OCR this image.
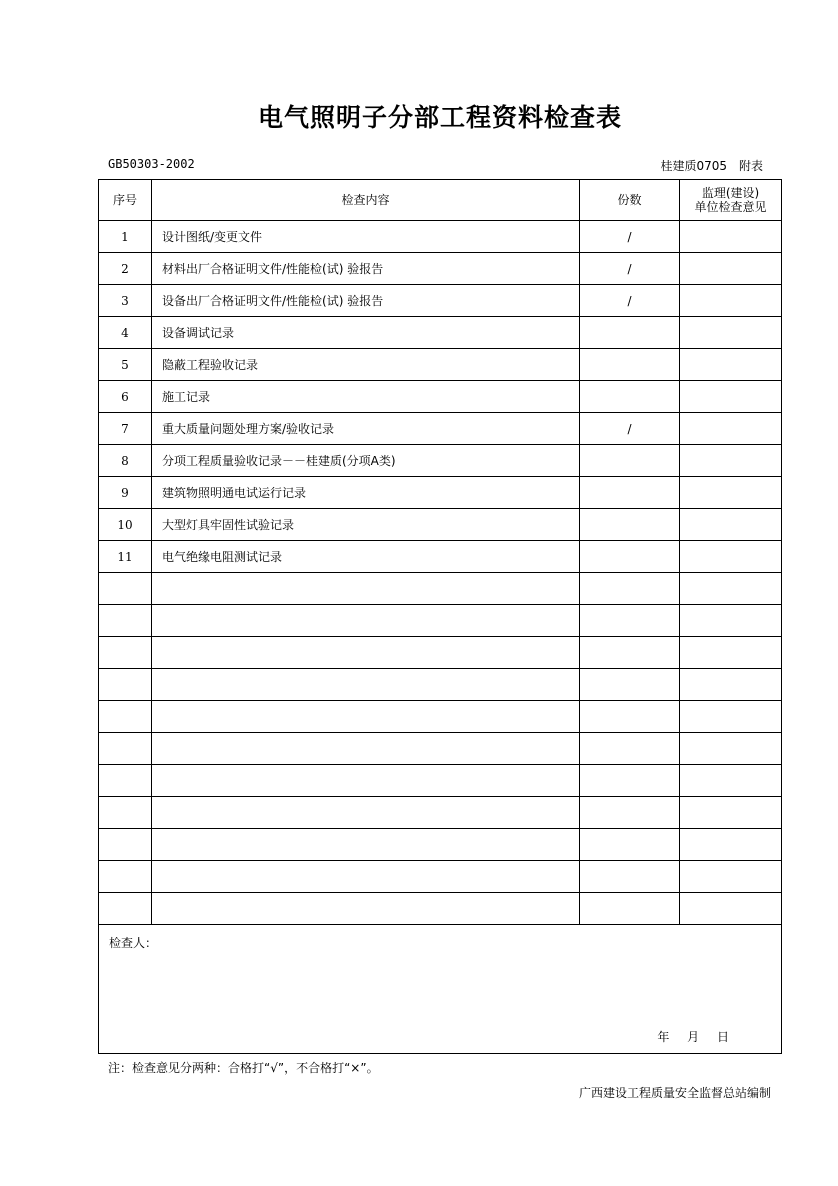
电气照明子分部工程资料检查表
GB50303-2002	桂建质0705　附表
序号	检查内容	份数	监理(建设)
单位检查意见
1	设计图纸/变更文件	/	
2	材料出厂合格证明文件/性能检(试) 验报告	/	
3	设备出厂合格证明文件/性能检(试) 验报告	/	
4	设备调试记录		
5	隐蔽工程验收记录		
6	施工记录		
7	重大质量问题处理方案/验收记录	/	
8	分项工程质量验收记录－－桂建质(分项A类)		
9	建筑物照明通电试运行记录		
10	大型灯具牢固性试验记录		
11	电气绝缘电阻测试记录		

检查人：
年 月 日			
注：检查意见分两种：合格打“√”，不合格打“×”。
广西建设工程质量安全监督总站编制
